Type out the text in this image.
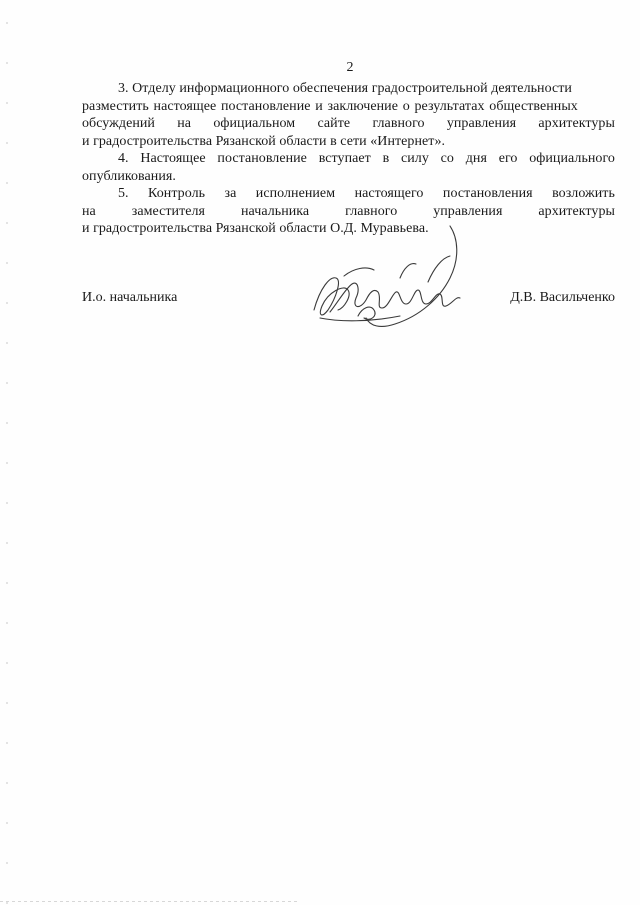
2
3. Отделу информационного обеспечения градостроительной деятельности
разместить настоящее постановление и заключение о результатах общественных
обсуждений на официальном сайте главного управления архитектуры
и градостроительства Рязанской области в сети «Интернет».
4. Настоящее постановление вступает в силу со дня его официального
опубликования.
5. Контроль за исполнением настоящего постановления возложить
на	заместителя	начальника	главного	управления	архитектуры
и градостроительства Рязанской области О.Д. Муравьева.
И.о. начальника	Д.В. Васильченко
